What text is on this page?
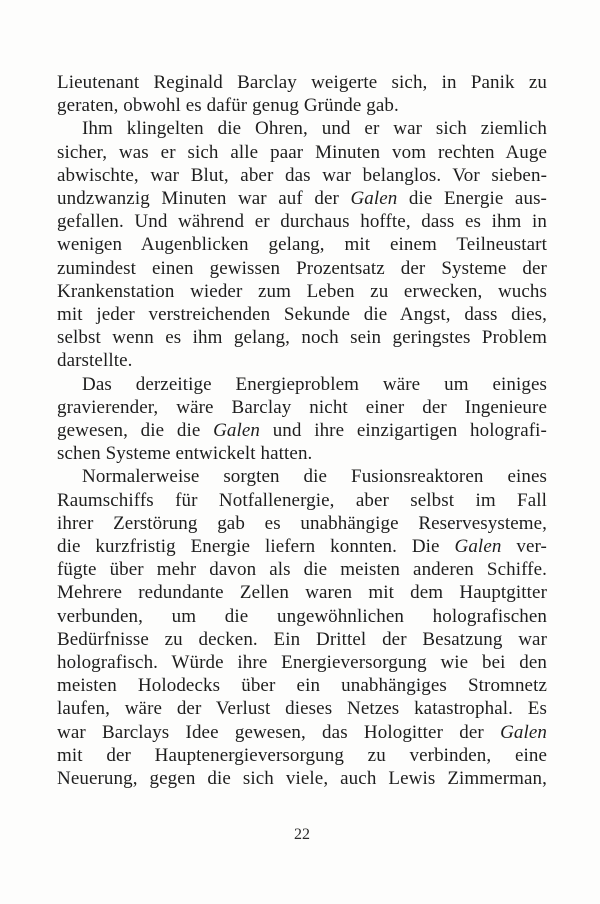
Lieutenant Reginald Barclay weigerte sich, in Panik zu
geraten, obwohl es dafür genug Gründe gab.
Ihm klingelten die Ohren, und er war sich ziemlich
sicher, was er sich alle paar Minuten vom rechten Auge
abwischte, war Blut, aber das war belanglos. Vor sieben-
undzwanzig Minuten war auf der Galen die Energie aus-
gefallen. Und während er durchaus hoffte, dass es ihm in
wenigen Augenblicken gelang, mit einem Teilneustart
zumindest einen gewissen Prozentsatz der Systeme der
Krankenstation wieder zum Leben zu erwecken, wuchs
mit jeder verstreichenden Sekunde die Angst, dass dies,
selbst wenn es ihm gelang, noch sein geringstes Problem
darstellte.
Das derzeitige Energieproblem wäre um einiges
gravierender, wäre Barclay nicht einer der Ingenieure
gewesen, die die Galen und ihre einzigartigen holografi-
schen Systeme entwickelt hatten.
Normalerweise sorgten die Fusionsreaktoren eines
Raumschiffs für Notfallenergie, aber selbst im Fall
ihrer Zerstörung gab es unabhängige Reservesysteme,
die kurzfristig Energie liefern konnten. Die Galen ver-
fügte über mehr davon als die meisten anderen Schiffe.
Mehrere redundante Zellen waren mit dem Hauptgitter
verbunden, um die ungewöhnlichen holografischen
Bedürfnisse zu decken. Ein Drittel der Besatzung war
holografisch. Würde ihre Energieversorgung wie bei den
meisten Holodecks über ein unabhängiges Stromnetz
laufen, wäre der Verlust dieses Netzes katastrophal. Es
war Barclays Idee gewesen, das Hologitter der Galen
mit der Hauptenergieversorgung zu verbinden, eine
Neuerung, gegen die sich viele, auch Lewis Zimmerman,
22
